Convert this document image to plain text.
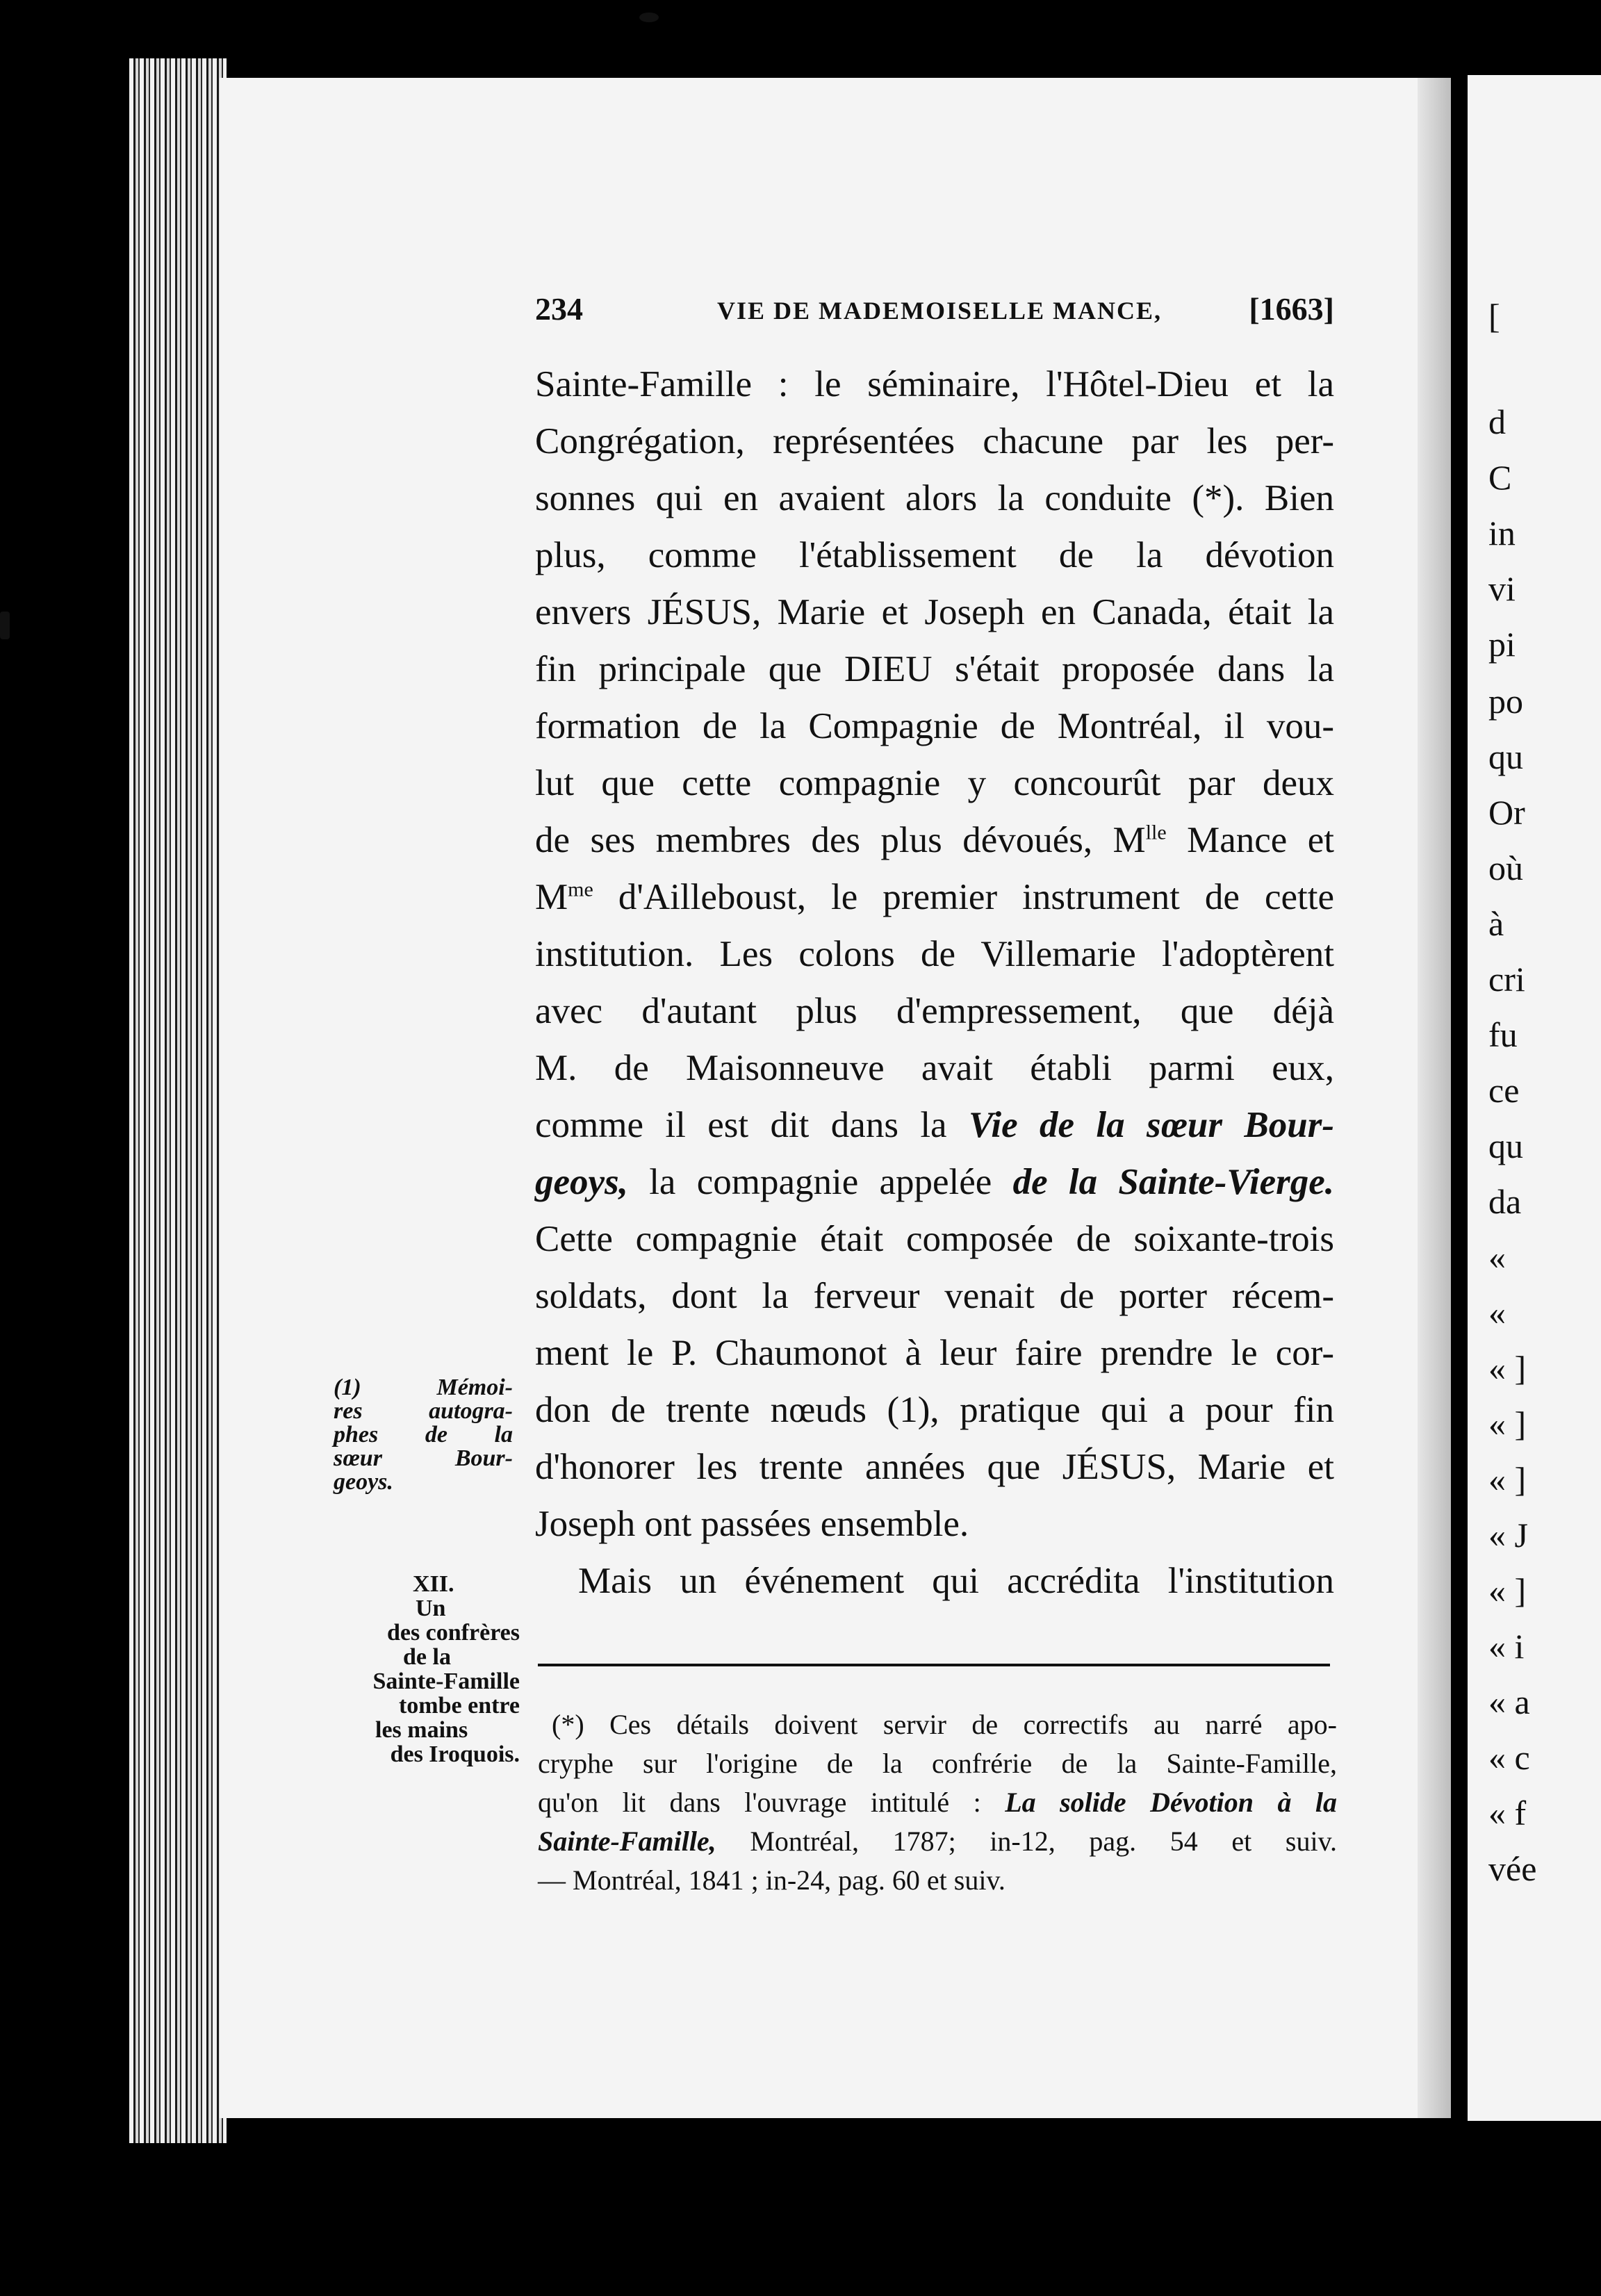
[
d
C
in
vi
pi
po
qu
Or
où
à
cri
fu
ce
qu
da
«
«
« ]
« ]
« ]
« J
« ]
« i
« a
« c
« f
vée
234	VIE DE MADEMOISELLE MANCE,	[1663]
Sainte-Famille : le séminaire, l'Hôtel-Dieu et la
Congrégation, représentées chacune par les per-
sonnes qui en avaient alors la conduite (*). Bien
plus, comme l'établissement de la dévotion
envers JÉSUS, Marie et Joseph en Canada, était la
fin principale que DIEU s'était proposée dans la
formation de la Compagnie de Montréal, il vou-
lut que cette compagnie y concourût par deux
de ses membres des plus dévoués, $M^{lle}$ Mance et
$M^{me}$ d'Ailleboust, le premier instrument de cette
institution. Les colons de Villemarie l'adoptèrent
avec d'autant plus d'empressement, que déjà
M. de Maisonneuve avait établi parmi eux,
comme il est dit dans la Vie de la sœur Bour-
geoys, la compagnie appelée de la Sainte-Vierge.
Cette compagnie était composée de soixante-trois
soldats, dont la ferveur venait de porter récem-
ment le P. Chaumonot à leur faire prendre le cor-
don de trente nœuds (1), pratique qui a pour fin
d'honorer les trente années que JÉSUS, Marie et
Joseph ont passées ensemble.
Mais un événement qui accrédita l'institution
(*) Ces détails doivent servir de correctifs au narré apo-
cryphe sur l'origine de la confrérie de la Sainte-Famille,
qu'on lit dans l'ouvrage intitulé : La solide Dévotion à la
Sainte-Famille, Montréal, 1787; in-12, pag. 54 et suiv.
— Montréal, 1841 ; in-24, pag. 60 et suiv.
(1) Mémoi-
res autogra-
phes de la
sœur Bour-
geoys.
XII.
Un
des confrères
de la
Sainte-Famille
tombe entre
les mains
des Iroquois.
